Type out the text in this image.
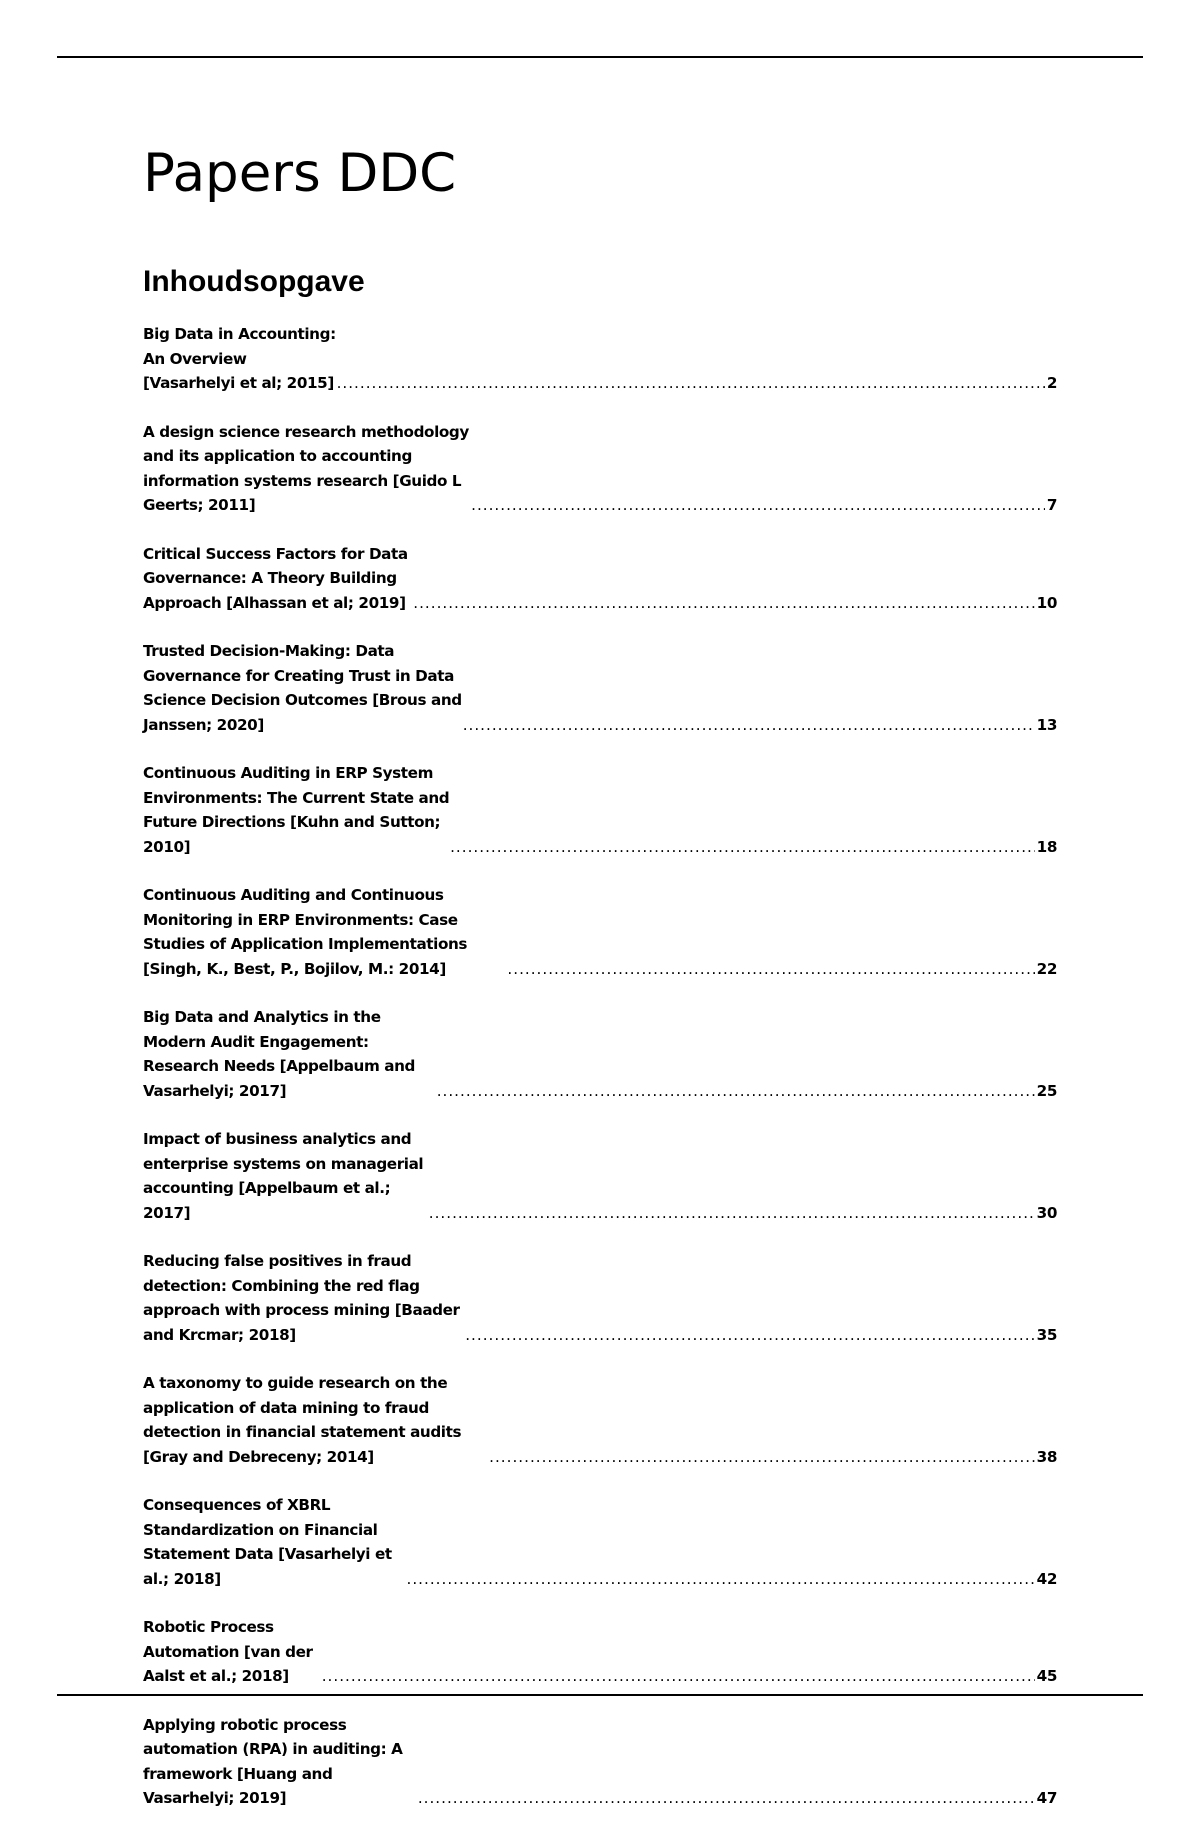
Papers DDC
Inhoudsopgave
Big Data in Accounting: An Overview [Vasarhelyi et al; 2015] .....	2
A design science research methodology and its application to accounting information systems research [Guido L Geerts; 2011] .....	7
Critical Success Factors for Data Governance: A Theory Building Approach [Alhassan et al; 2019] .....	10
Trusted Decision-Making: Data Governance for Creating Trust in Data Science Decision Outcomes [Brous and Janssen; 2020] .....	13
Continuous Auditing in ERP System Environments: The Current State and Future Directions [Kuhn and Sutton; 2010] .....	18
Continuous Auditing and Continuous Monitoring in ERP Environments: Case Studies of Application Implementations [Singh, K., Best, P., Bojilov, M.: 2014] .....	22
Big Data and Analytics in the Modern Audit Engagement: Research Needs [Appelbaum and Vasarhelyi; 2017] .....	25
Impact of business analytics and enterprise systems on managerial accounting [Appelbaum et al.; 2017] .....	30
Reducing false positives in fraud detection: Combining the red flag approach with process mining [Baader and Krcmar; 2018] .....	35
A taxonomy to guide research on the application of data mining to fraud detection in financial statement audits [Gray and Debreceny; 2014] .....	38
Consequences of XBRL Standardization on Financial Statement Data [Vasarhelyi et al.; 2018] .....	42
Robotic Process Automation [van der Aalst et al.; 2018] .....	45
Applying robotic process automation (RPA) in auditing: A framework [Huang and Vasarhelyi; 2019] .....	47
